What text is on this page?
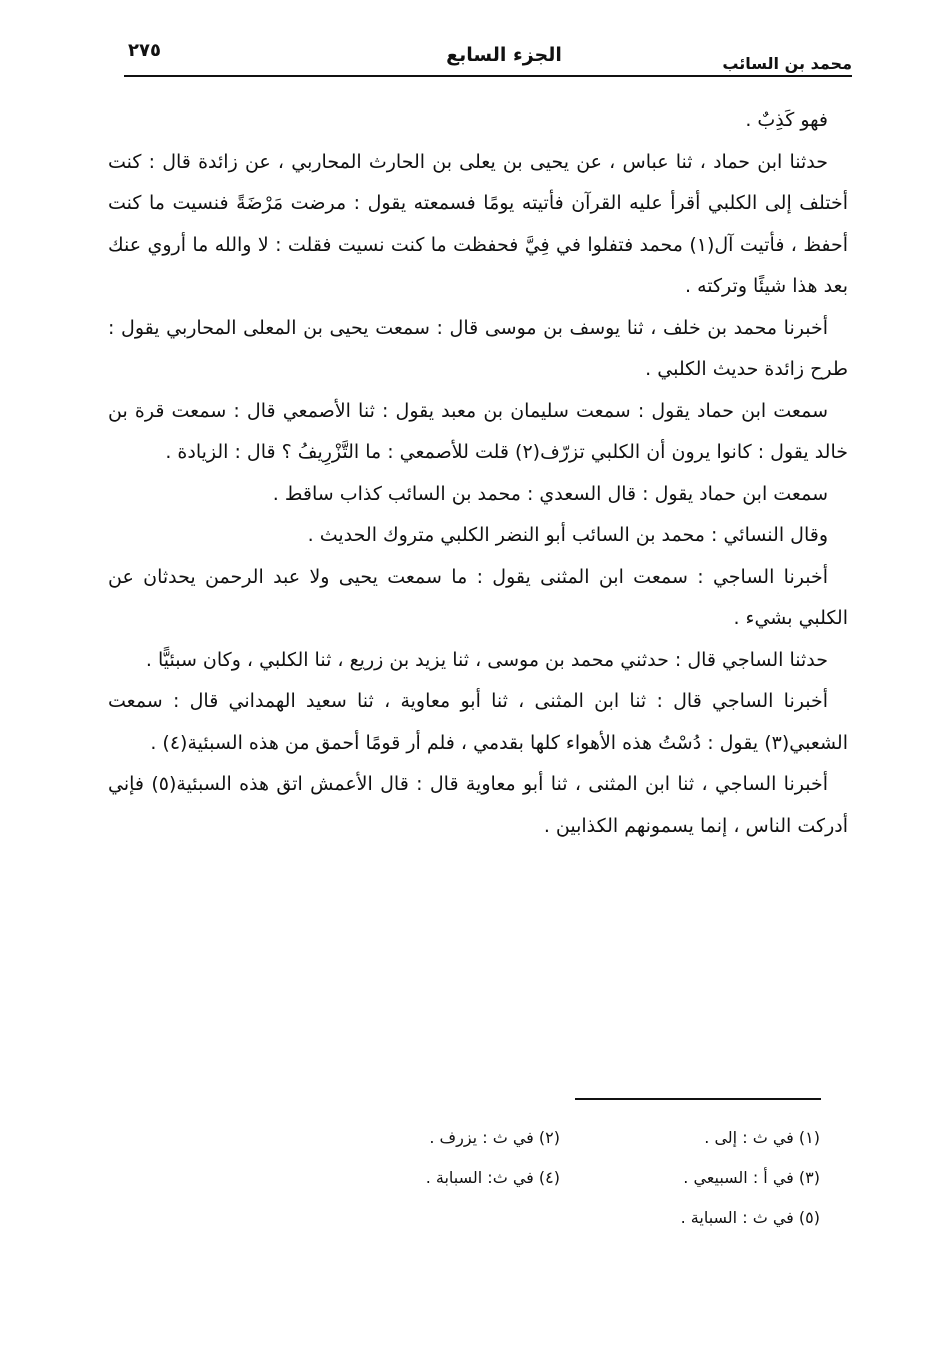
محمد بن السائب
الجزء السابع
٢٧٥

فهو كَذِبٌ .

حدثنا ابن حماد ، ثنا عباس ، عن يحيى بن يعلى بن الحارث المحاربي ، عن زائدة قال : كنت أختلف إلى الكلبي أقرأ عليه القرآن فأتيته يومًا فسمعته يقول : مرضت مَرْضَةً فنسيت ما كنت أحفظ ، فأتيت آل(١) محمد فتفلوا في فِيَّ فحفظت ما كنت نسيت فقلت : لا والله ما أروي عنك بعد هذا شيئًا وتركته .

أخبرنا محمد بن خلف ، ثنا يوسف بن موسى قال : سمعت يحيى بن المعلى المحاربي يقول : طرح زائدة حديث الكلبي .

سمعت ابن حماد يقول : سمعت سليمان بن معبد يقول : ثنا الأصمعي قال : سمعت قرة بن خالد يقول : كانوا يرون أن الكلبي تزرّف(٢) قلت للأصمعي : ما التَّزْرِيفُ ؟ قال : الزيادة .

سمعت ابن حماد يقول : قال السعدي : محمد بن السائب كذاب ساقط .

وقال النسائي : محمد بن السائب أبو النضر الكلبي متروك الحديث .

أخبرنا الساجي : سمعت ابن المثنى يقول : ما سمعت يحيى ولا عبد الرحمن يحدثان عن الكلبي بشيء .

حدثنا الساجي قال : حدثني محمد بن موسى ، ثنا يزيد بن زريع ، ثنا الكلبي ، وكان سبئيًّا .

أخبرنا الساجي قال : ثنا ابن المثنى ، ثنا أبو معاوية ، ثنا سعيد الهمداني قال : سمعت الشعبي(٣) يقول : دُسْتُ هذه الأهواء كلها بقدمي ، فلم أر قومًا أحمق من هذه السبئية(٤) .

أخبرنا الساجي ، ثنا ابن المثنى ، ثنا أبو معاوية قال : قال الأعمش اتق هذه السبئية(٥) فإني أدركت الناس ، إنما يسمونهم الكذابين .

(١) في ث : إلى .
(٢) في ث : يزرف .
(٣) في أ : السبيعي .
(٤) في ث: السبابة .
(٥) في ث : السباية .
